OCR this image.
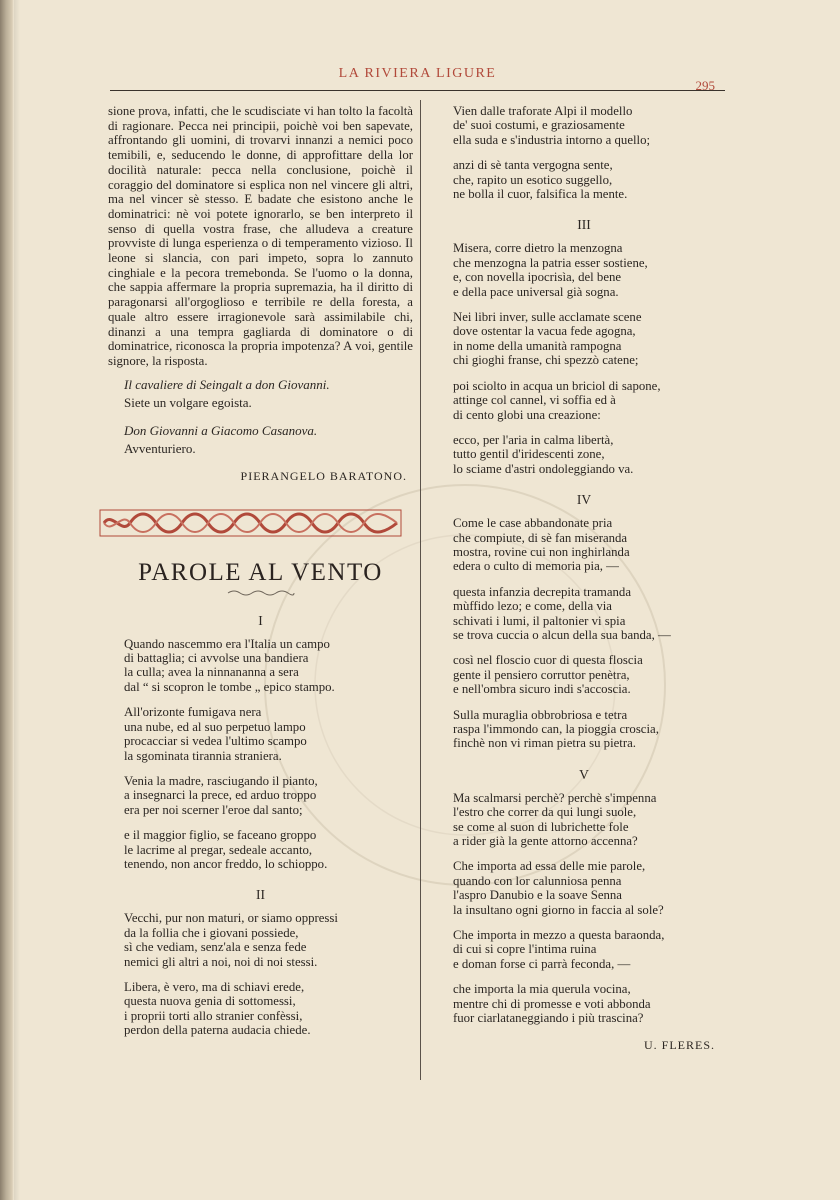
LA RIVIERA LIGURE
295

sione prova, infatti, che le scudisciate vi han tolto la facoltà di ragionare. Pecca nei principii, poichè voi ben sapevate, affrontando gli uomini, di trovarvi innanzi a nemici poco temibili, e, seducendo le donne, di approfittare della lor docilità naturale: pecca nella conclusione, poichè il coraggio del dominatore si esplica non nel vincere gli altri, ma nel vincer sè stesso. E badate che esistono anche le dominatrici: nè voi potete ignorarlo, se ben interpreto il senso di quella vostra frase, che alludeva a creature provviste di lunga esperienza o di temperamento vizioso. Il leone si slancia, con pari impeto, sopra lo zannuto cinghiale e la pecora tremebonda. Se l'uomo o la donna, che sappia affermare la propria supremazia, ha il diritto di paragonarsi all'orgoglioso e terribile re della foresta, a quale altro essere irragionevole sarà assimilabile chi, dinanzi a una tempra gagliarda di dominatore o di dominatrice, riconosca la propria impotenza? A voi, gentile signore, la risposta.

Il cavaliere di Seingalt a don Giovanni.
Siete un volgare egoista.
Don Giovanni a Giacomo Casanova.
Avventuriero.
PIERANGELO BARATONO.
PAROLE AL VENTO
I
Quando nascemmo era l'Italia un campo
di battaglia; ci avvolse una bandiera
la culla; avea la ninnananna a sera
dal “ si scopron le tombe „ epico stampo.
All'orizonte fumigava nera
una nube, ed al suo perpetuo lampo
procacciar si vedea l'ultimo scampo
la sgominata tirannia straniera.
Venia la madre, rasciugando il pianto,
a insegnarci la prece, ed arduo troppo
era per noi scerner l'eroe dal santo;
e il maggior figlio, se faceano groppo
le lacrime al pregar, sedeale accanto,
tenendo, non ancor freddo, lo schioppo.
II
Vecchi, pur non maturi, or siamo oppressi
da la follia che i giovani possiede,
sì che vediam, senz'ala e senza fede
nemici gli altri a noi, noi di noi stessi.
Libera, è vero, ma di schiavi erede,
questa nuova genia di sottomessi,
i proprii torti allo stranier confèssi,
perdon della paterna audacia chiede.
Vien dalle traforate Alpi il modello
de' suoi costumi, e graziosamente
ella suda e s'industria intorno a quello;
anzi di sè tanta vergogna sente,
che, rapito un esotico suggello,
ne bolla il cuor, falsifica la mente.
III
Misera, corre dietro la menzogna
che menzogna la patria esser sostiene,
e, con novella ipocrisìa, del bene
e della pace universal già sogna.
Nei libri inver, sulle acclamate scene
dove ostentar la vacua fede agogna,
in nome della umanità rampogna
chi gioghi franse, chi spezzò catene;
poi sciolto in acqua un briciol di sapone,
attinge col cannel, vi soffia ed à
di cento globi una creazione:
ecco, per l'aria in calma libertà,
tutto gentil d'iridescenti zone,
lo sciame d'astri ondoleggiando va.
IV
Come le case abbandonate pria
che compiute, di sè fan miseranda
mostra, rovine cui non inghirlanda
edera o culto di memoria pia, —
questa infanzia decrepita tramanda
mùffido lezo; e come, della via
schivati i lumi, il paltonier vi spia
se trova cuccia o alcun della sua banda, —
così nel floscio cuor di questa floscia
gente il pensiero corruttor penètra,
e nell'ombra sicuro indi s'accoscia.
Sulla muraglia obbrobriosa e tetra
raspa l'immondo can, la pioggia croscia,
finchè non vi riman pietra su pietra.
V
Ma scalmarsi perchè? perchè s'impenna
l'estro che correr da qui lungi suole,
se come al suon di lubrichette fole
a rider già la gente attorno accenna?
Che importa ad essa delle mie parole,
quando con lor calunniosa penna
l'aspro Danubio e la soave Senna
la insultano ogni giorno in faccia al sole?
Che importa in mezzo a questa baraonda,
di cui si copre l'intima ruina
e doman forse ci parrà feconda, —
che importa la mia querula vocina,
mentre chi di promesse e voti abbonda
fuor ciarlataneggiando i più trascina?
U. FLERES.
